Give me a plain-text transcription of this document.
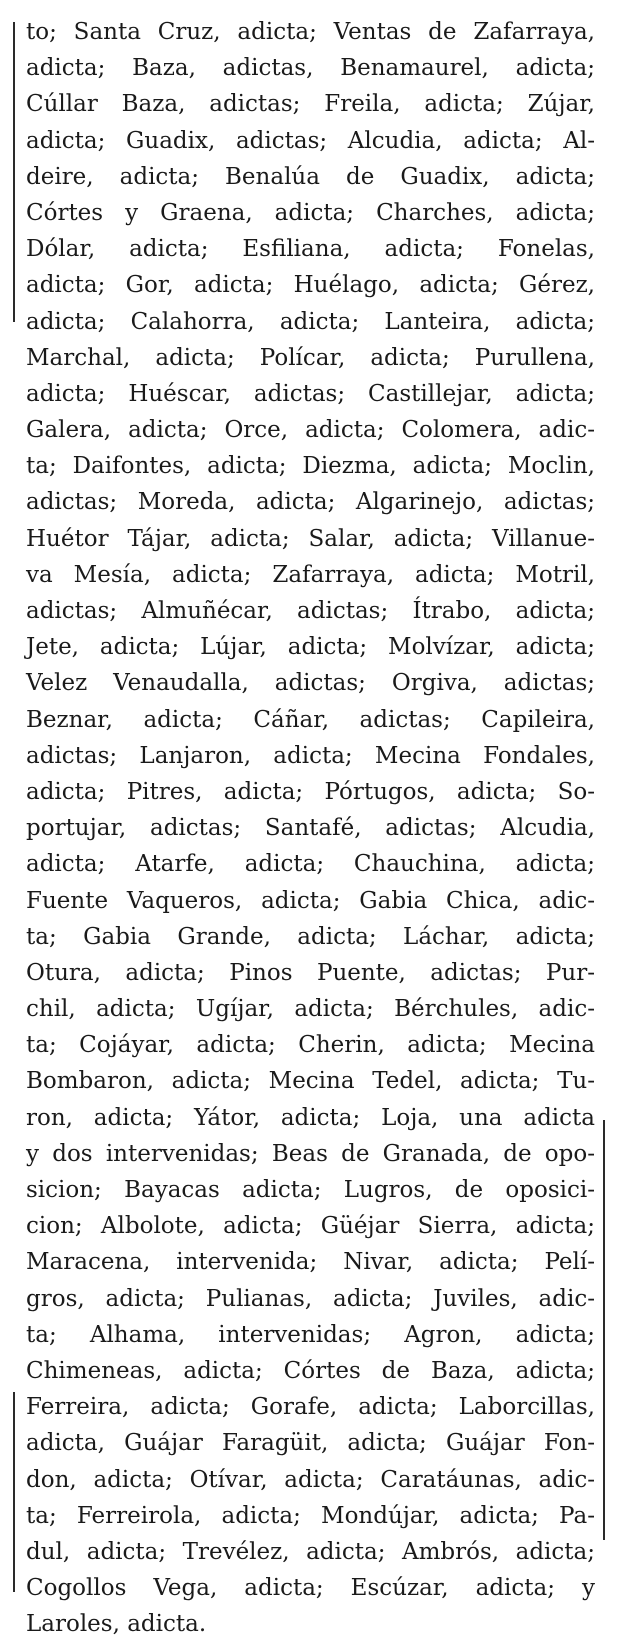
to; Santa Cruz, adicta; Ventas de Zafarraya,
adicta; Baza, adictas, Benamaurel, adicta;
Cúllar Baza, adictas; Freila, adicta; Zújar,
adicta; Guadix, adictas; Alcudia, adicta; Al-
deire, adicta; Benalúa de Guadix, adicta;
Córtes y Graena, adicta; Charches, adicta;
Dólar, adicta; Esfiliana, adicta; Fonelas,
adicta; Gor, adicta; Huélago, adicta; Gérez,
adicta; Calahorra, adicta; Lanteira, adicta;
Marchal, adicta; Polícar, adicta; Purullena,
adicta; Huéscar, adictas; Castillejar, adicta;
Galera, adicta; Orce, adicta; Colomera, adic-
ta; Daifontes, adicta; Diezma, adicta; Moclin,
adictas; Moreda, adicta; Algarinejo, adictas;
Huétor Tájar, adicta; Salar, adicta; Villanue-
va Mesía, adicta; Zafarraya, adicta; Motril,
adictas; Almuñécar, adictas; Ítrabo, adicta;
Jete, adicta; Lújar, adicta; Molvízar, adicta;
Velez Venaudalla, adictas; Orgiva, adictas;
Beznar, adicta; Cáñar, adictas; Capileira,
adictas; Lanjaron, adicta; Mecina Fondales,
adicta; Pitres, adicta; Pórtugos, adicta; So-
portujar, adictas; Santafé, adictas; Alcudia,
adicta; Atarfe, adicta; Chauchina, adicta;
Fuente Vaqueros, adicta; Gabia Chica, adic-
ta; Gabia Grande, adicta; Láchar, adicta;
Otura, adicta; Pinos Puente, adictas; Pur-
chil, adicta; Ugíjar, adicta; Bérchules, adic-
ta; Cojáyar, adicta; Cherin, adicta; Mecina
Bombaron, adicta; Mecina Tedel, adicta; Tu-
ron, adicta; Yátor, adicta; Loja, una adicta
y dos intervenidas; Beas de Granada, de opo-
sicion; Bayacas adicta; Lugros, de oposici-
cion; Albolote, adicta; Güéjar Sierra, adicta;
Maracena, intervenida; Nivar, adicta; Pelí-
gros, adicta; Pulianas, adicta; Juviles, adic-
ta; Alhama, intervenidas; Agron, adicta;
Chimeneas, adicta; Córtes de Baza, adicta;
Ferreira, adicta; Gorafe, adicta; Laborcillas,
adicta, Guájar Faragüit, adicta; Guájar Fon-
don, adicta; Otívar, adicta; Caratáunas, adic-
ta; Ferreirola, adicta; Mondújar, adicta; Pa-
dul, adicta; Trevélez, adicta; Ambrós, adicta;
Cogollos Vega, adicta; Escúzar, adicta; y
Laroles, adicta.
